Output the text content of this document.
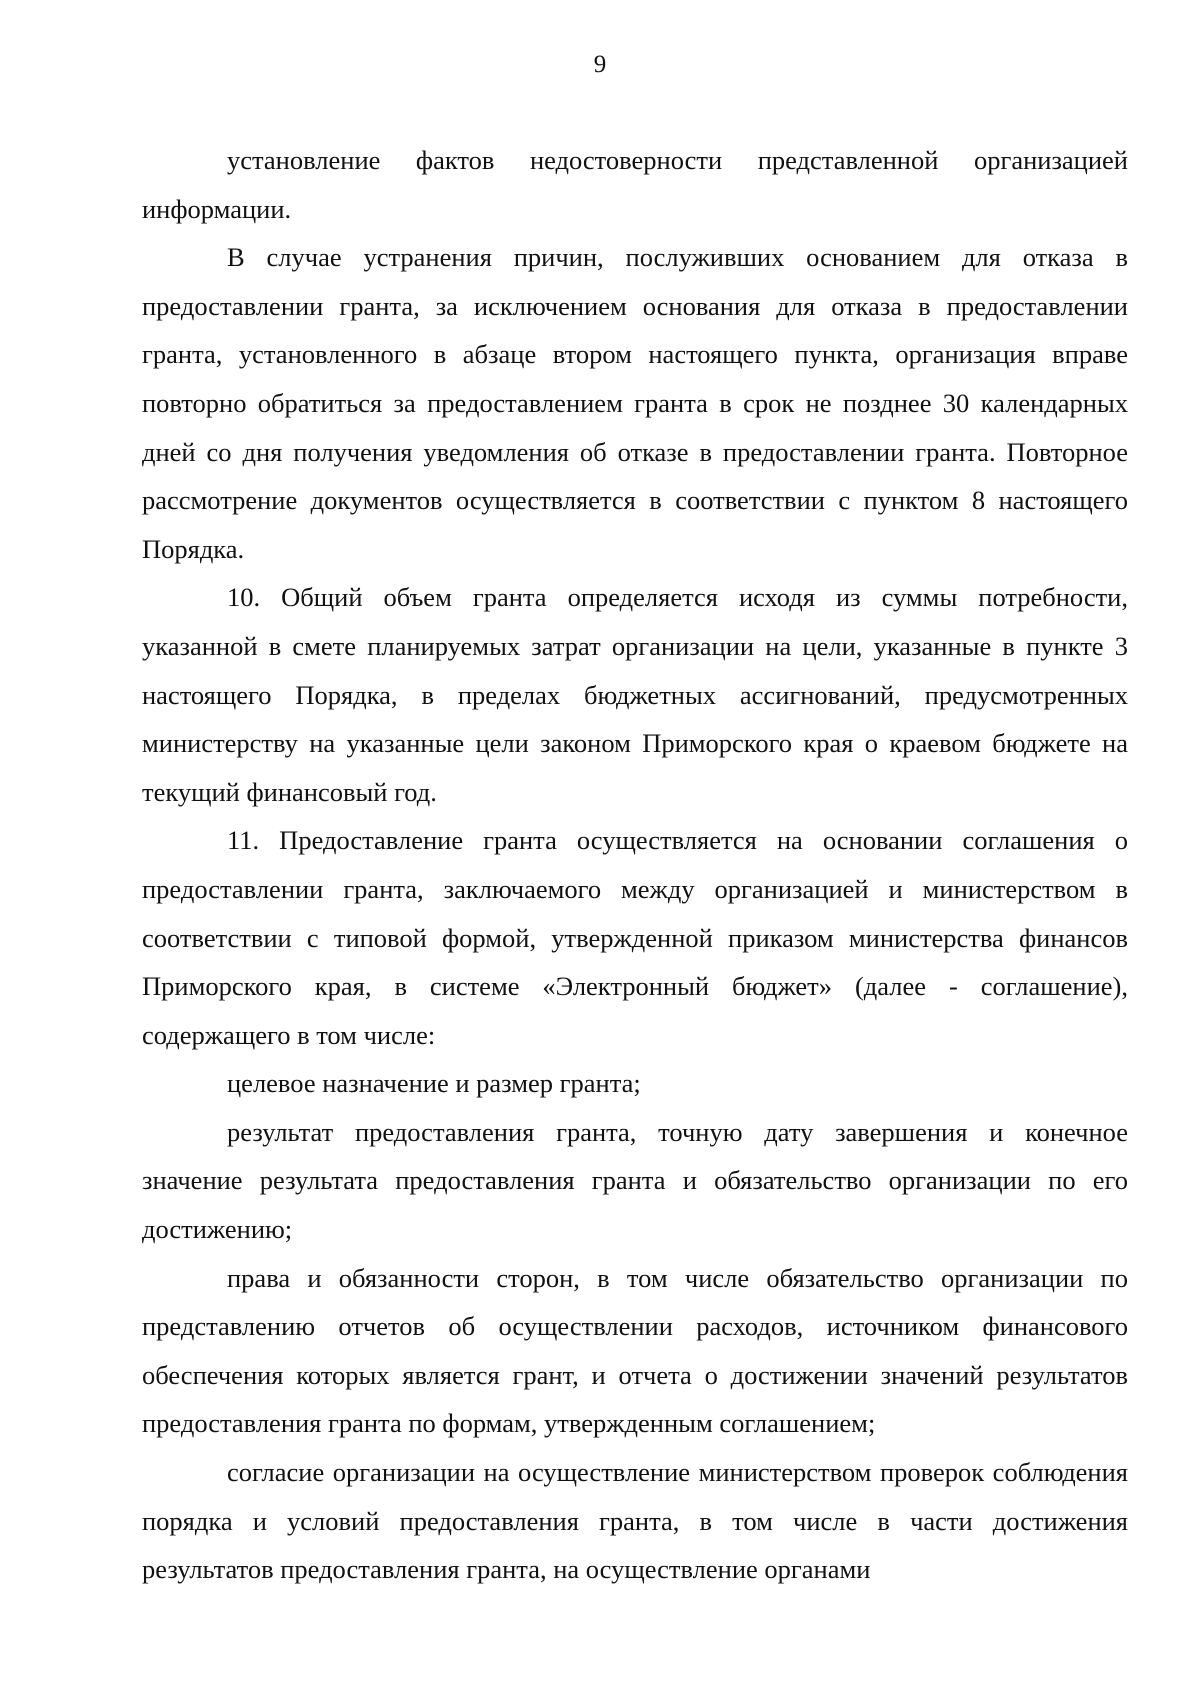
9

установление фактов недостоверности представленной организацией информации.

В случае устранения причин, послуживших основанием для отказа в предоставлении гранта, за исключением основания для отказа в предоставлении гранта, установленного в абзаце втором настоящего пункта, организация вправе повторно обратиться за предоставлением гранта в срок не позднее 30 календарных дней со дня получения уведомления об отказе в предоставлении гранта. Повторное рассмотрение документов осуществляется в соответствии с пунктом 8 настоящего Порядка.

10. Общий объем гранта определяется исходя из суммы потребности, указанной в смете планируемых затрат организации на цели, указанные в пункте 3 настоящего Порядка, в пределах бюджетных ассигнований, предусмотренных министерству на указанные цели законом Приморского края о краевом бюджете на текущий финансовый год.

11. Предоставление гранта осуществляется на основании соглашения о предоставлении гранта, заключаемого между организацией и министерством в соответствии с типовой формой, утвержденной приказом министерства финансов Приморского края, в системе «Электронный бюджет» (далее - соглашение), содержащего в том числе:

целевое назначение и размер гранта;

результат предоставления гранта, точную дату завершения и конечное значение результата предоставления гранта и обязательство организации по его достижению;

права и обязанности сторон, в том числе обязательство организации по представлению отчетов об осуществлении расходов, источником финансового обеспечения которых является грант, и отчета о достижении значений результатов предоставления гранта по формам, утвержденным соглашением;

согласие организации на осуществление министерством проверок соблюдения порядка и условий предоставления гранта, в том числе в части достижения результатов предоставления гранта, на осуществление органами
